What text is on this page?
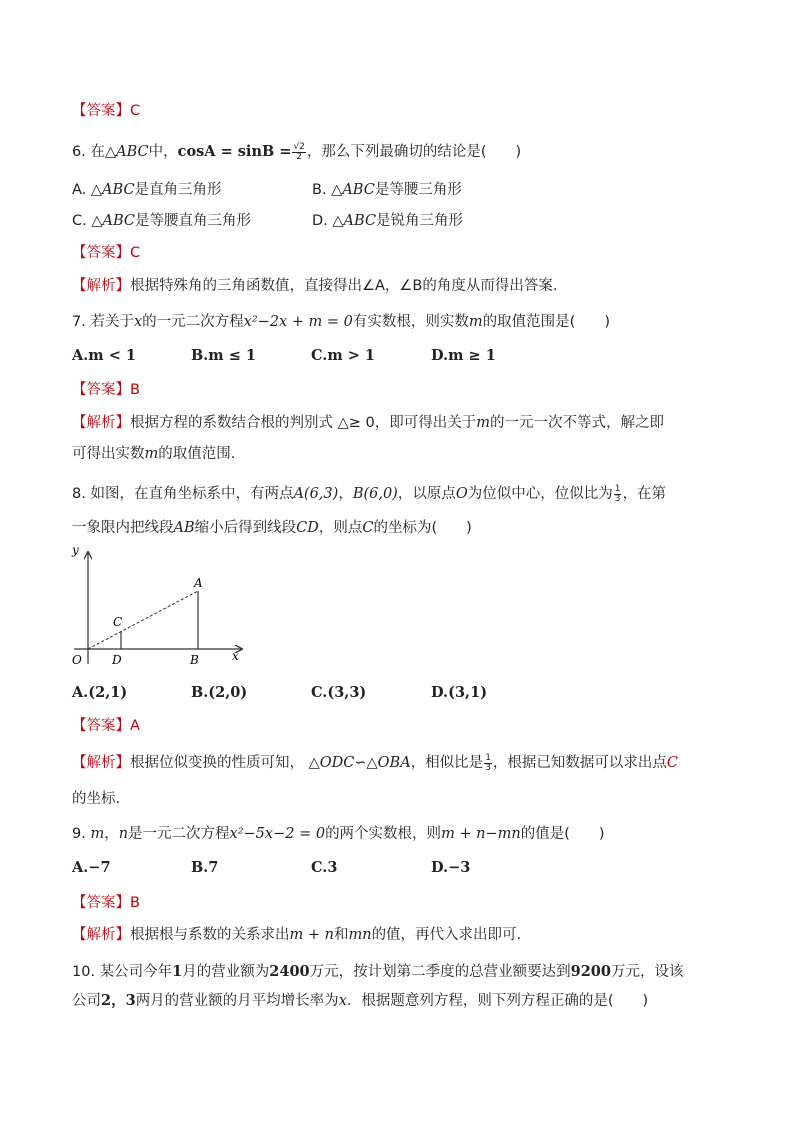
【答案】C
6. 在△ABC中，$\cos A = \sin B = \frac{√2}{2}$ ，那么下列最确切的结论是(　　)
A. △ABC是直角三角形	B. △ABC是等腰三角形
C. △ABC是等腰直角三角形	D. △ABC是锐角三角形
【答案】C
【解析】根据特殊角的三角函数值，直接得出∠A，∠B的角度从而得出答案.
7. 若关于x的一元二次方程x²−2x + m = 0有实数根，则实数m的取值范围是(　　)
A.m < 1	B.m ≤ 1	C.m > 1	D.m ≥ 1
【答案】B
【解析】根据方程的系数结合根的判别式 △≥ 0，即可得出关于m的一元一次不等式，解之即
可得出实数m的取值范围.
8. 如图，在直角坐标系中，有两点A(6,3)，B(6,0)，以原点O为位似中心，位似比为 $\frac{1}{3}$ ，在第
一象限内把线段AB缩小后得到线段CD，则点C的坐标为(　　)
y
x
O
A
B
C
D
A.(2,1)	B.(2,0)	C.(3,3)	D.(3,1)
【答案】A
【解析】根据位似变换的性质可知， △ODC∽△OBA，相似比是 $\frac{1}{3}$ ，根据已知数据可以求出点C
的坐标.
9. m，n是一元二次方程x²−5x−2 = 0的两个实数根，则m + n−mn的值是(　　)
A.−7	B.7	C.3	D.−3
【答案】B
【解析】根据根与系数的关系求出m + n和mn的值，再代入求出即可.
10. 某公司今年1月的营业额为2400万元，按计划第二季度的总营业额要达到9200万元，设该
公司2，3两月的营业额的月平均增长率为x．根据题意列方程，则下列方程正确的是(　　)
